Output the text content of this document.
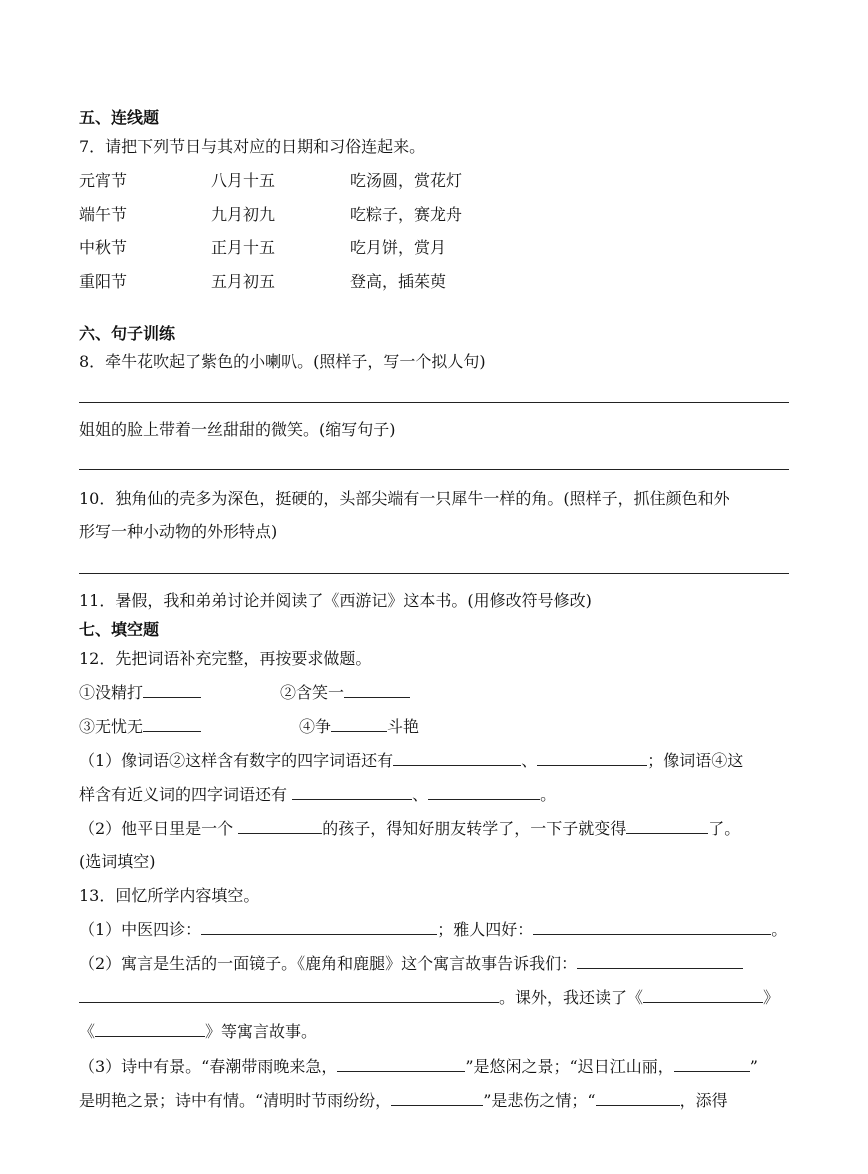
五、连线题
7．请把下列节日与其对应的日期和习俗连起来。
元宵节	八月十五	吃汤圆，赏花灯
端午节	九月初九	吃粽子，赛龙舟
中秋节	正月十五	吃月饼，赏月
重阳节	五月初五	登高，插茱萸
六、句子训练
8．牵牛花吹起了紫色的小喇叭。(照样子，写一个拟人句)
姐姐的脸上带着一丝甜甜的微笑。(缩写句子)
10．独角仙的壳多为深色，挺硬的，头部尖端有一只犀牛一样的角。(照样子，抓住颜色和外
形写一种小动物的外形特点)
11．暑假，我和弟弟讨论并阅读了《西游记》这本书。(用修改符号修改)
七、填空题
12．先把词语补充完整，再按要求做题。
①没精打	②含笑一
③无忧无	④争	斗艳
（1）像词语②这样含有数字的四字词语还有	、	；像词语④这
样含有近义词的四字词语还有	、	。
（2）他平日里是一个	的孩子，得知好朋友转学了，一下子就变得	了。
(选词填空)
13．回忆所学内容填空。
（1）中医四诊：	；雅人四好：	。
（2）寓言是生活的一面镜子。《鹿角和鹿腿》这个寓言故事告诉我们：
。课外，我还读了《	》
《	》等寓言故事。
（3）诗中有景。“春潮带雨晚来急，	”是悠闲之景；“迟日江山丽，	”
是明艳之景；诗中有情。“清明时节雨纷纷，	”是悲伤之情；“	，添得
